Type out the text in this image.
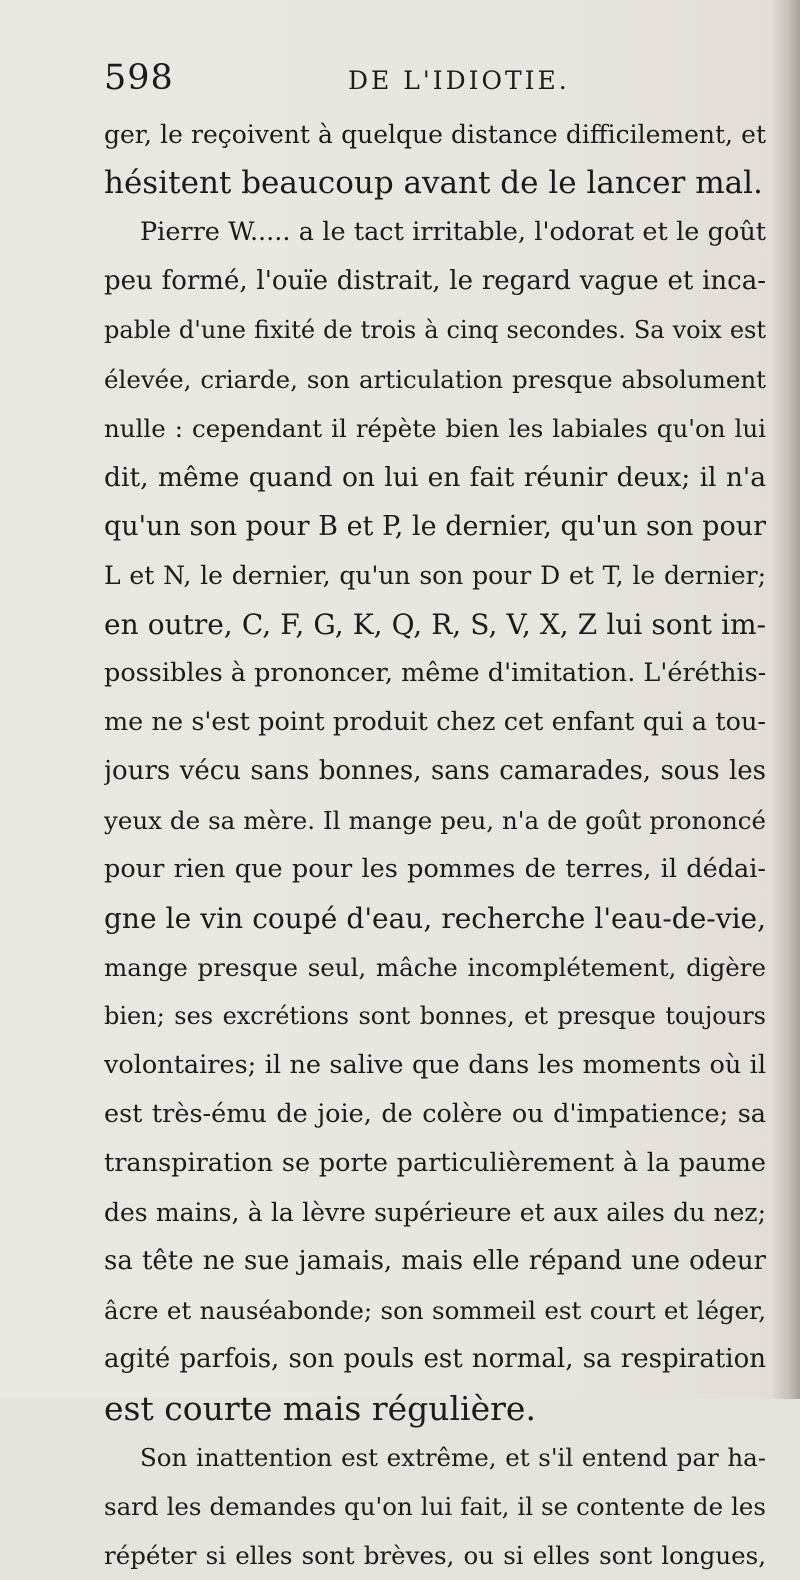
598	DE L'IDIOTIE.
ger, le reçoivent à quelque distance difficilement, et
hésitent beaucoup avant de le lancer mal.
Pierre W..... a le tact irritable, l'odorat et le goût
peu formé, l'ouïe distrait, le regard vague et inca-
pable d'une fixité de trois à cinq secondes. Sa voix est
élevée, criarde, son articulation presque absolument
nulle : cependant il répète bien les labiales qu'on lui
dit, même quand on lui en fait réunir deux; il n'a
qu'un son pour B et P, le dernier, qu'un son pour
L et N, le dernier, qu'un son pour D et T, le dernier;
en outre, C, F, G, K, Q, R, S, V, X, Z lui sont im-
possibles à prononcer, même d'imitation. L'éréthis-
me ne s'est point produit chez cet enfant qui a tou-
jours vécu sans bonnes, sans camarades, sous les
yeux de sa mère. Il mange peu, n'a de goût prononcé
pour rien que pour les pommes de terres, il dédai-
gne le vin coupé d'eau, recherche l'eau-de-vie,
mange presque seul, mâche incomplétement, digère
bien; ses excrétions sont bonnes, et presque toujours
volontaires; il ne salive que dans les moments où il
est très-ému de joie, de colère ou d'impatience; sa
transpiration se porte particulièrement à la paume
des mains, à la lèvre supérieure et aux ailes du nez;
sa tête ne sue jamais, mais elle répand une odeur
âcre et nauséabonde; son sommeil est court et léger,
agité parfois, son pouls est normal, sa respiration
est courte mais régulière.
Son inattention est extrême, et s'il entend par ha-
sard les demandes qu'on lui fait, il se contente de les
répéter si elles sont brèves, ou si elles sont longues,
